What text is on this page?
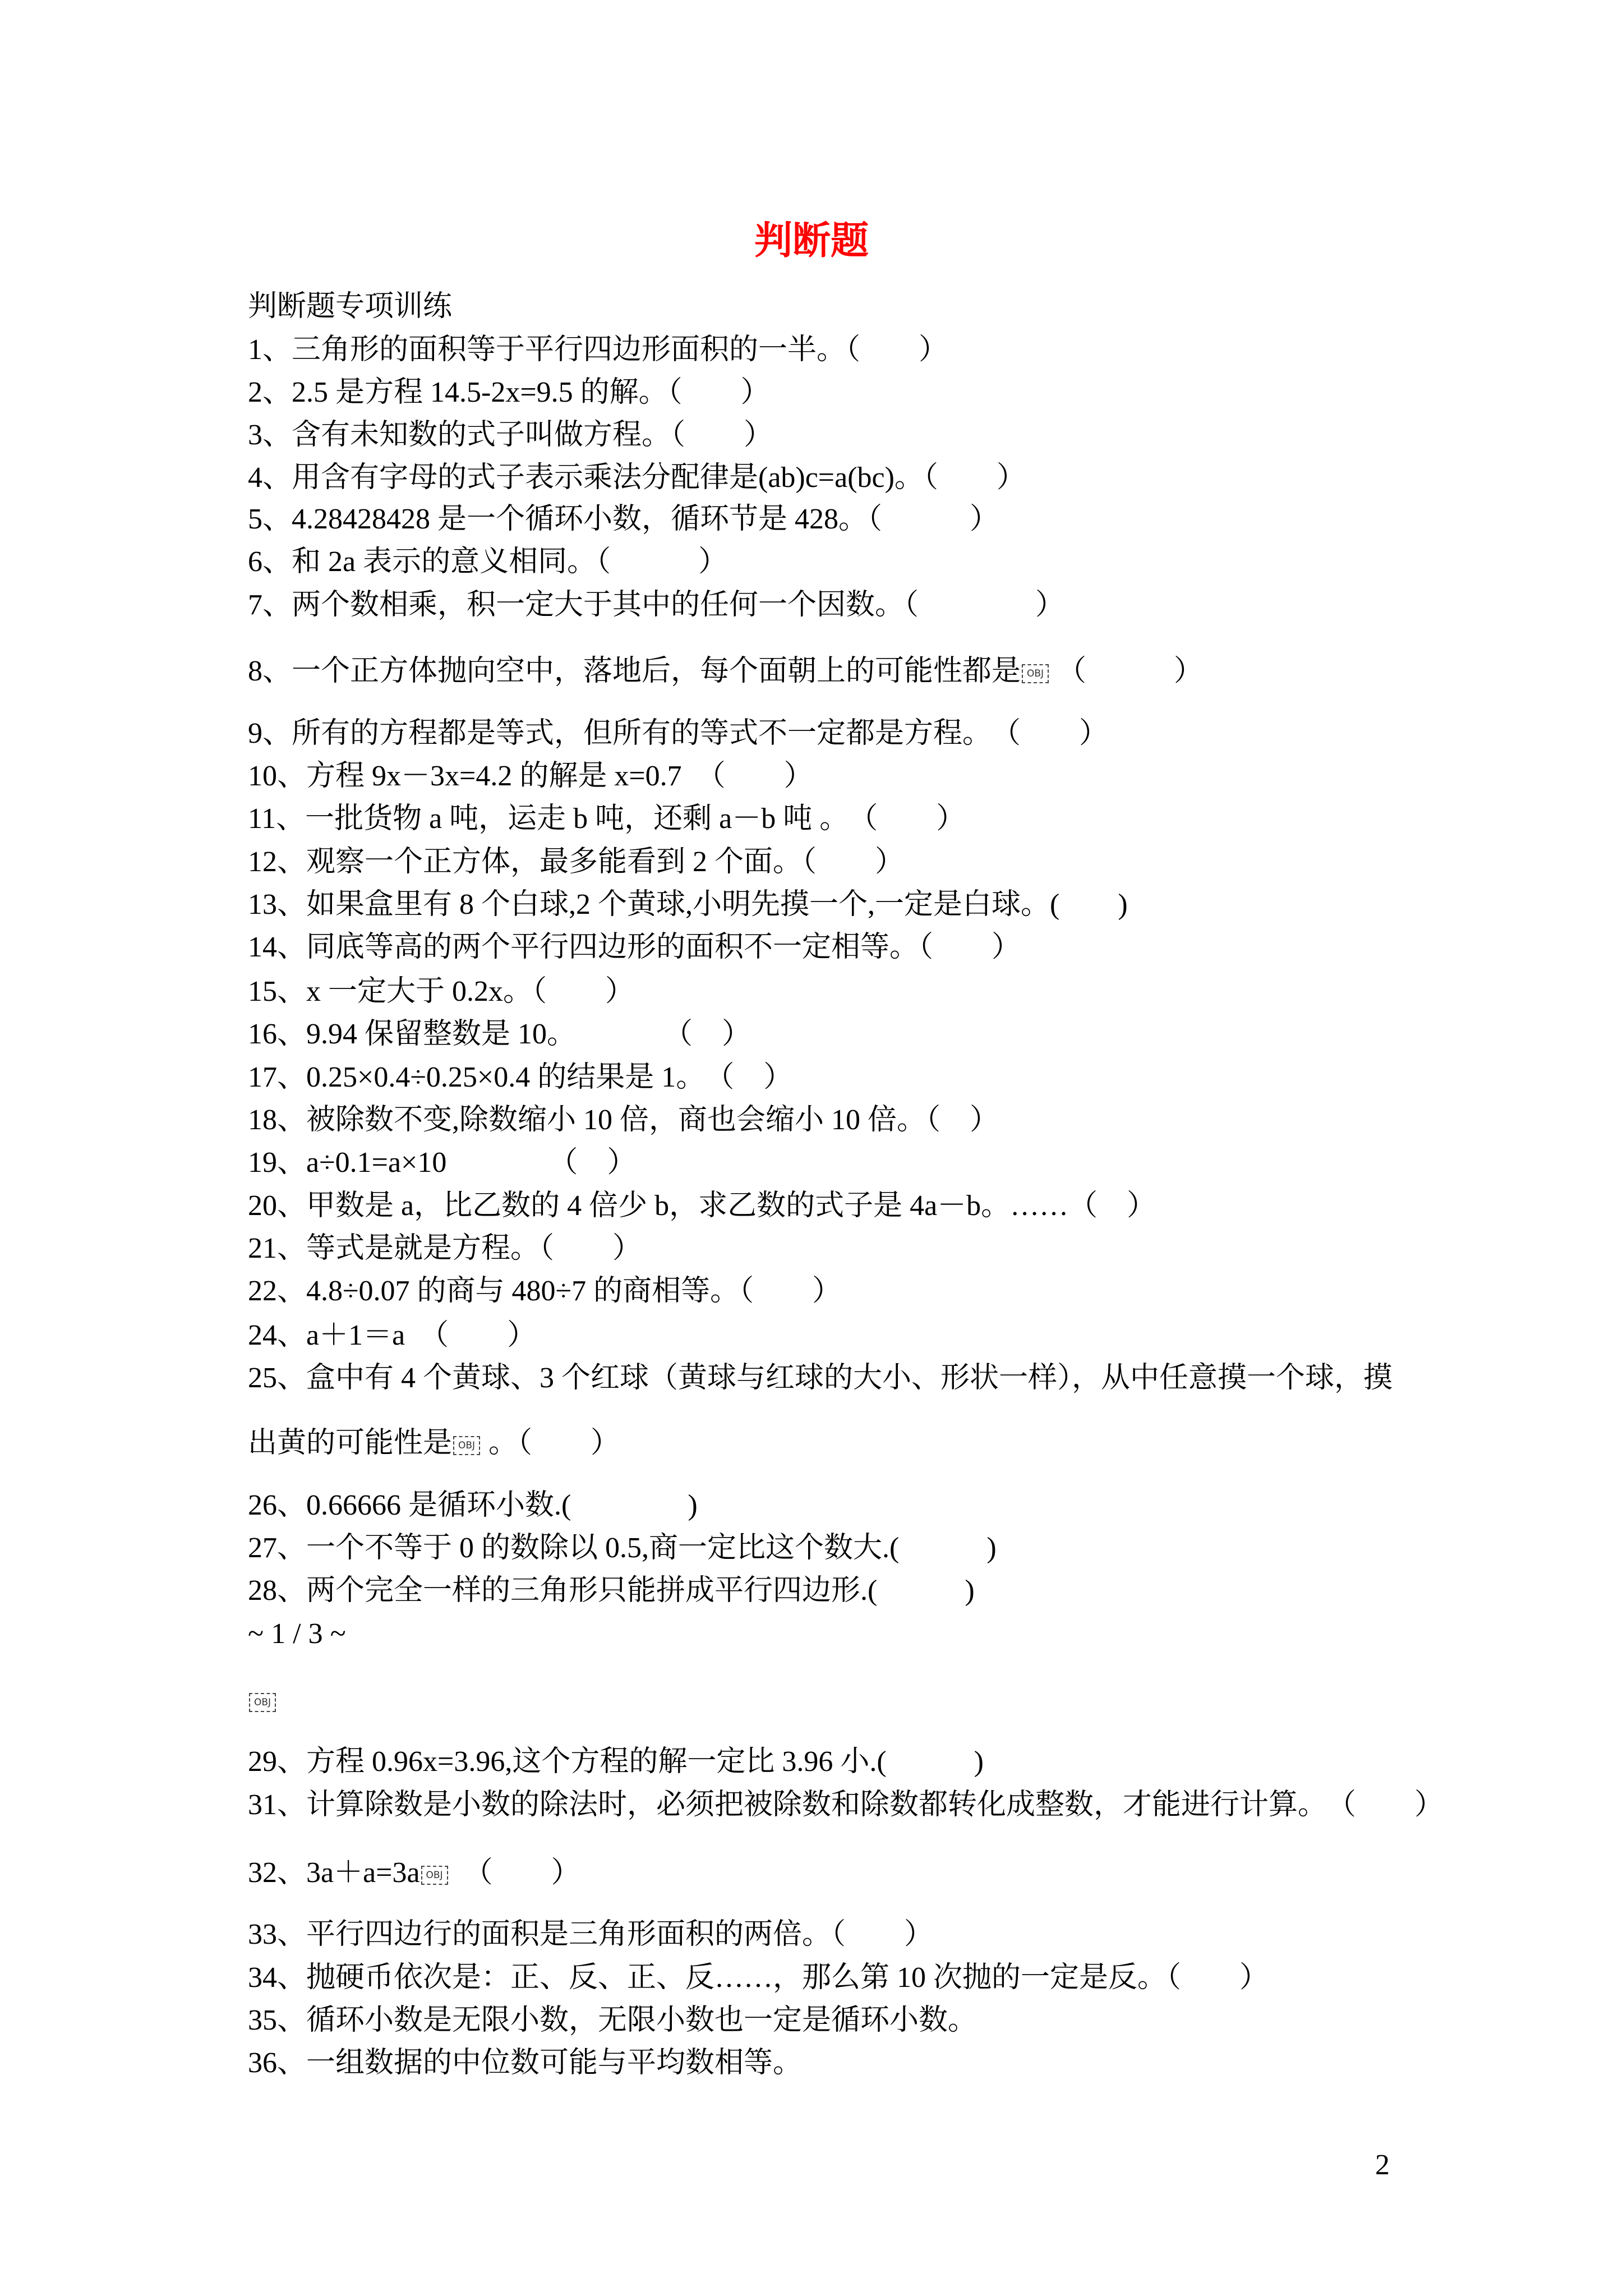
判断题
判断题专项训练
1、三角形的面积等于平行四边形面积的一半。（　　）
2、2.5 是方程 14.5-2x=9.5 的解。（　　）
3、含有未知数的式子叫做方程。（　　）
4、用含有字母的式子表示乘法分配律是(ab)c=a(bc)。（　　）
5、4.28428428 是一个循环小数，循环节是 428。（　　　）
6、和 2a 表示的意义相同。（　　　）
7、两个数相乘，积一定大于其中的任何一个因数。（　　　　）
8、一个正方体抛向空中，落地后，每个面朝上的可能性都是 OBJ （　　　）
9、所有的方程都是等式，但所有的等式不一定都是方程。　（　　）
10、方程 9x－3x=4.2 的解是 x=0.7　（　　）
11、一批货物 a 吨，运走 b 吨，还剩 a－b 吨 。　（　　）
12、观察一个正方体，最多能看到 2 个面。（　　）
13、如果盒里有 8 个白球,2 个黄球,小明先摸一个,一定是白球。(　　)
14、同底等高的两个平行四边形的面积不一定相等。（　　）
15、x 一定大于 0.2x。（　　）
16、9.94 保留整数是 10。　　　　（　）
17、0.25×0.4÷0.25×0.4 的结果是 1。　（　）
18、被除数不变,除数缩小 10 倍，商也会缩小 10 倍。（　）
19、a÷0.1=a×10　　　　（　）
20、甲数是 a，比乙数的 4 倍少 b，求乙数的式子是 4a－b。……（　）
21、等式是就是方程。（　　）
22、4.8÷0.07 的商与 480÷7 的商相等。（　　）
24、a＋1＝a　（　　）
25、盒中有 4 个黄球、3 个红球（黄球与红球的大小、形状一样），从中任意摸一个球，摸
出黄的可能性是 OBJ 。（　　）
26、0.66666 是循环小数.(　　　　)
27、一个不等于 0 的数除以 0.5,商一定比这个数大.(　　　)
28、两个完全一样的三角形只能拼成平行四边形.(　　　)
~ 1 / 3 ~
OBJ
29、方程 0.96x=3.96,这个方程的解一定比 3.96 小.(　　　)
31、计算除数是小数的除法时，必须把被除数和除数都转化成整数，才能进行计算。　（　　）
32、3a＋a=3a OBJ　（　　）
33、平行四边行的面积是三角形面积的两倍。（　　）
34、抛硬币依次是：正、反、正、反……，那么第 10 次抛的一定是反。（　　）
35、循环小数是无限小数，无限小数也一定是循环小数。
36、一组数据的中位数可能与平均数相等。
2
